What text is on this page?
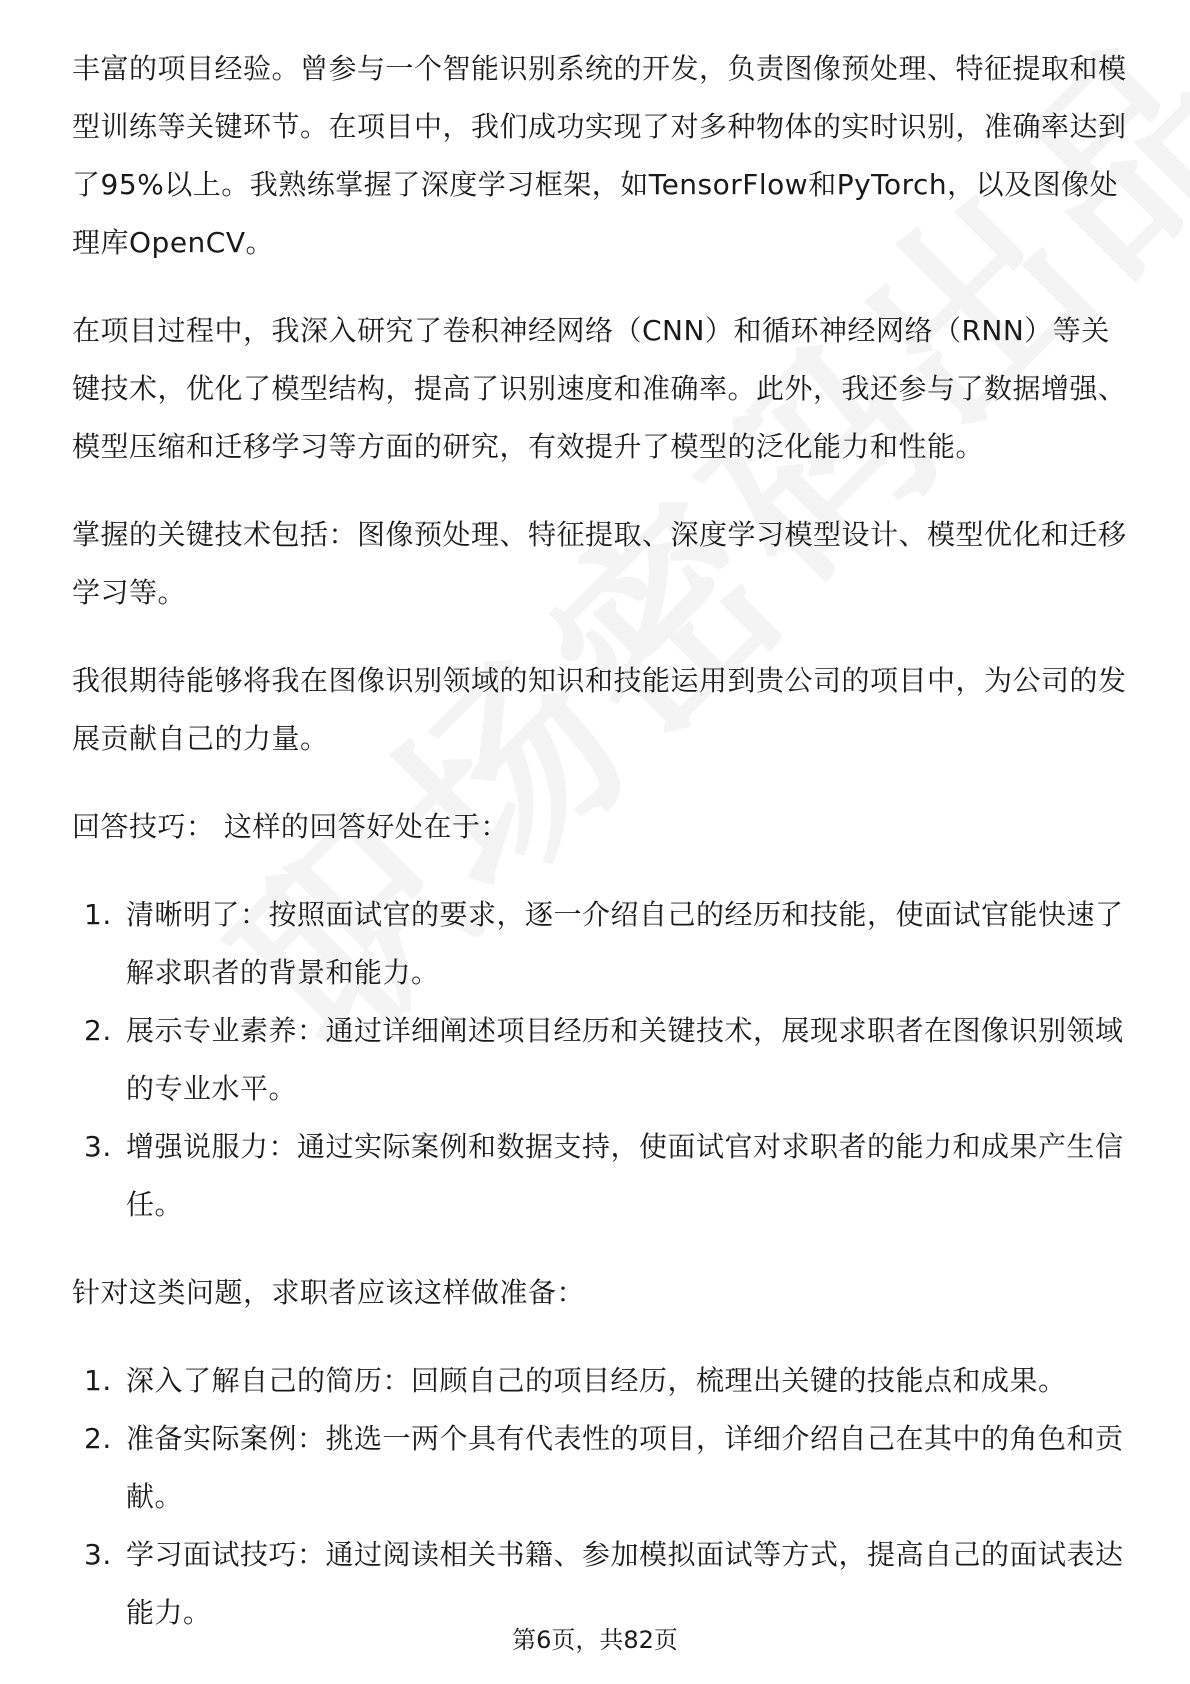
丰富的项目经验。曾参与一个智能识别系统的开发，负责图像预处理、特征提取和模型训练等关键环节。在项目中，我们成功实现了对多种物体的实时识别，准确率达到了95%以上。我熟练掌握了深度学习框架，如TensorFlow和PyTorch，以及图像处理库OpenCV。

在项目过程中，我深入研究了卷积神经网络（CNN）和循环神经网络（RNN）等关键技术，优化了模型结构，提高了识别速度和准确率。此外，我还参与了数据增强、模型压缩和迁移学习等方面的研究，有效提升了模型的泛化能力和性能。

掌握的关键技术包括：图像预处理、特征提取、深度学习模型设计、模型优化和迁移学习等。

我很期待能够将我在图像识别领域的知识和技能运用到贵公司的项目中，为公司的发展贡献自己的力量。

回答技巧： 这样的回答好处在于：

1. 清晰明了：按照面试官的要求，逐一介绍自己的经历和技能，使面试官能快速了解求职者的背景和能力。
2. 展示专业素养：通过详细阐述项目经历和关键技术，展现求职者在图像识别领域的专业水平。
3. 增强说服力：通过实际案例和数据支持，使面试官对求职者的能力和成果产生信任。

针对这类问题，求职者应该这样做准备：

1. 深入了解自己的简历：回顾自己的项目经历，梳理出关键的技能点和成果。
2. 准备实际案例：挑选一两个具有代表性的项目，详细介绍自己在其中的角色和贡献。
3. 学习面试技巧：通过阅读相关书籍、参加模拟面试等方式，提高自己的面试表达能力。
第6页，共82页
